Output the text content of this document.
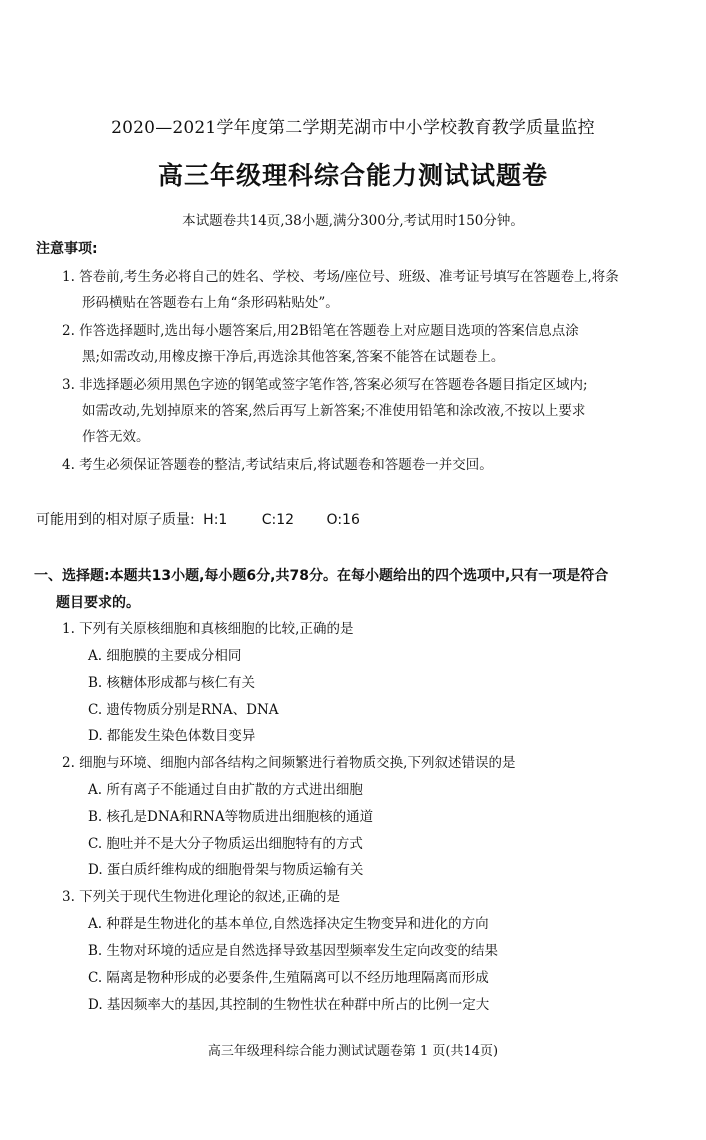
2020—2021学年度第二学期芜湖市中小学校教育教学质量监控
高三年级理科综合能力测试试题卷
本试题卷共14页,38小题,满分300分,考试用时150分钟。
注意事项:
1. 答卷前,考生务必将自己的姓名、学校、考场/座位号、班级、准考证号填写在答题卷上,将条
形码横贴在答题卷右上角“条形码粘贴处”。
2. 作答选择题时,选出每小题答案后,用2B铅笔在答题卷上对应题目选项的答案信息点涂
黑;如需改动,用橡皮擦干净后,再选涂其他答案,答案不能答在试题卷上。
3. 非选择题必须用黑色字迹的钢笔或签字笔作答,答案必须写在答题卷各题目指定区域内;
如需改动,先划掉原来的答案,然后再写上新答案;不准使用铅笔和涂改液,不按以上要求
作答无效。
4. 考生必须保证答题卷的整洁,考试结束后,将试题卷和答题卷一并交回。
可能用到的相对原子质量: H:1 C:12 O:16
一、选择题:本题共13小题,每小题6分,共78分。在每小题给出的四个选项中,只有一项是符合
题目要求的。
1. 下列有关原核细胞和真核细胞的比较,正确的是
A. 细胞膜的主要成分相同
B. 核糖体形成都与核仁有关
C. 遗传物质分别是RNA、DNA
D. 都能发生染色体数目变异
2. 细胞与环境、细胞内部各结构之间频繁进行着物质交换,下列叙述错误的是
A. 所有离子不能通过自由扩散的方式进出细胞
B. 核孔是DNA和RNA等物质进出细胞核的通道
C. 胞吐并不是大分子物质运出细胞特有的方式
D. 蛋白质纤维构成的细胞骨架与物质运输有关
3. 下列关于现代生物进化理论的叙述,正确的是
A. 种群是生物进化的基本单位,自然选择决定生物变异和进化的方向
B. 生物对环境的适应是自然选择导致基因型频率发生定向改变的结果
C. 隔离是物种形成的必要条件,生殖隔离可以不经历地理隔离而形成
D. 基因频率大的基因,其控制的生物性状在种群中所占的比例一定大
高三年级理科综合能力测试试题卷第 1 页(共14页)
